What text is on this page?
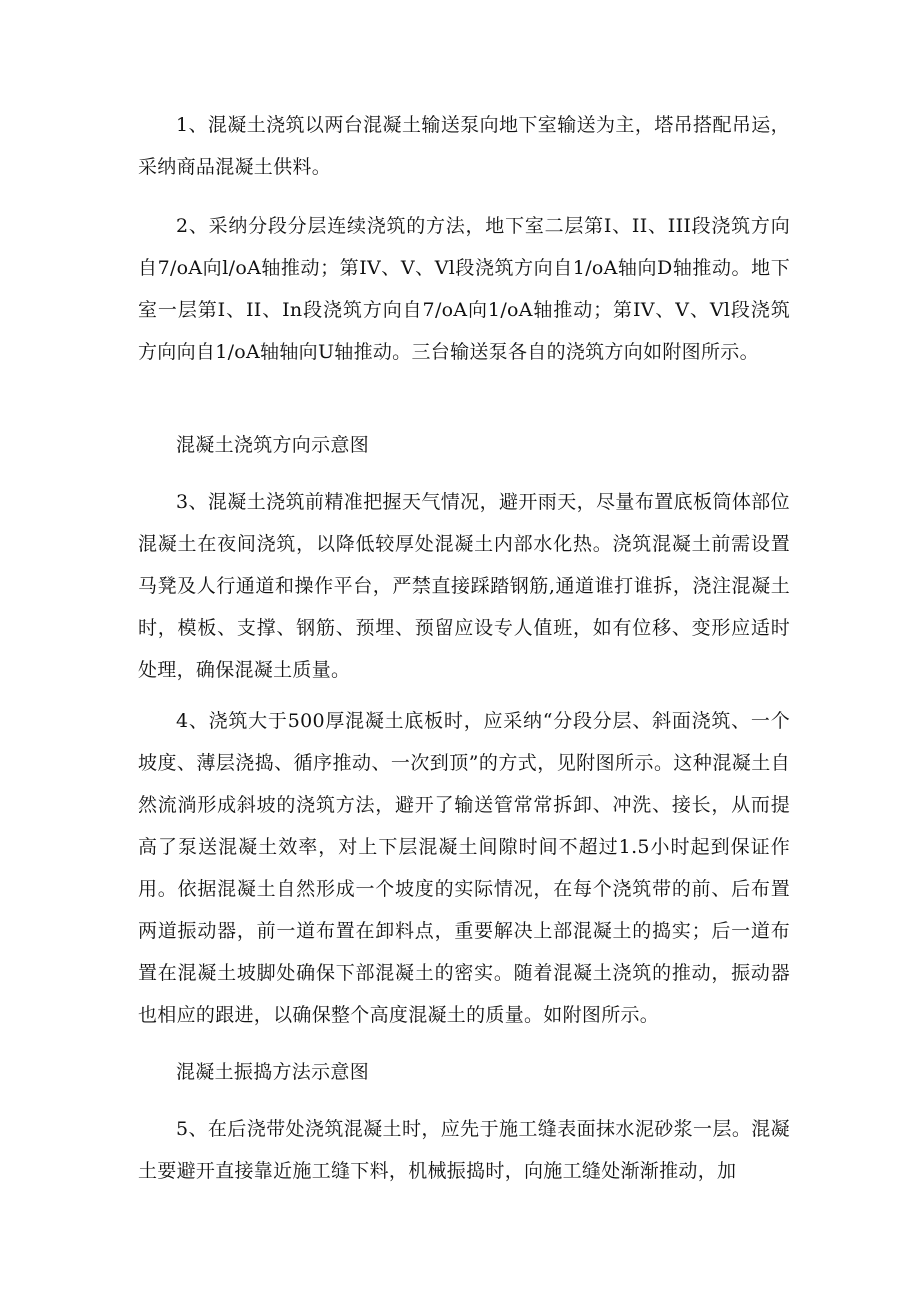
1、混凝土浇筑以两台混凝土输送泵向地下室输送为主，塔吊搭配吊运，采纳商品混凝土供料。

2、采纳分段分层连续浇筑的方法，地下室二层第I、II、III段浇筑方向自7/oA向l/oA轴推动；第IV、V、Vl段浇筑方向自1/oA轴向D轴推动。地下室一层第I、II、In段浇筑方向自7/oA向1/oA轴推动；第IV、V、Vl段浇筑方向向自1/oA轴轴向U轴推动。三台输送泵各自的浇筑方向如附图所示。

混凝土浇筑方向示意图

3、混凝土浇筑前精准把握天气情况，避开雨天，尽量布置底板筒体部位混凝土在夜间浇筑，以降低较厚处混凝土内部水化热。浇筑混凝土前需设置马凳及人行通道和操作平台，严禁直接踩踏钢筋,通道谁打谁拆，浇注混凝土时，模板、支撑、钢筋、预埋、预留应设专人值班，如有位移、变形应适时处理，确保混凝土质量。

4、浇筑大于500厚混凝土底板时，应采纳“分段分层、斜面浇筑、一个坡度、薄层浇捣、循序推动、一次到顶”的方式，见附图所示。这种混凝土自然流淌形成斜坡的浇筑方法，避开了输送管常常拆卸、冲洗、接长，从而提高了泵送混凝土效率，对上下层混凝土间隙时间不超过1.5小时起到保证作用。依据混凝土自然形成一个坡度的实际情况，在每个浇筑带的前、后布置两道振动器，前一道布置在卸料点，重要解决上部混凝土的捣实；后一道布置在混凝土坡脚处确保下部混凝土的密实。随着混凝土浇筑的推动，振动器也相应的跟进，以确保整个高度混凝土的质量。如附图所示。

混凝土振捣方法示意图

5、在后浇带处浇筑混凝土时，应先于施工缝表面抹水泥砂浆一层。混凝土要避开直接靠近施工缝下料，机械振捣时，向施工缝处渐渐推动，加
